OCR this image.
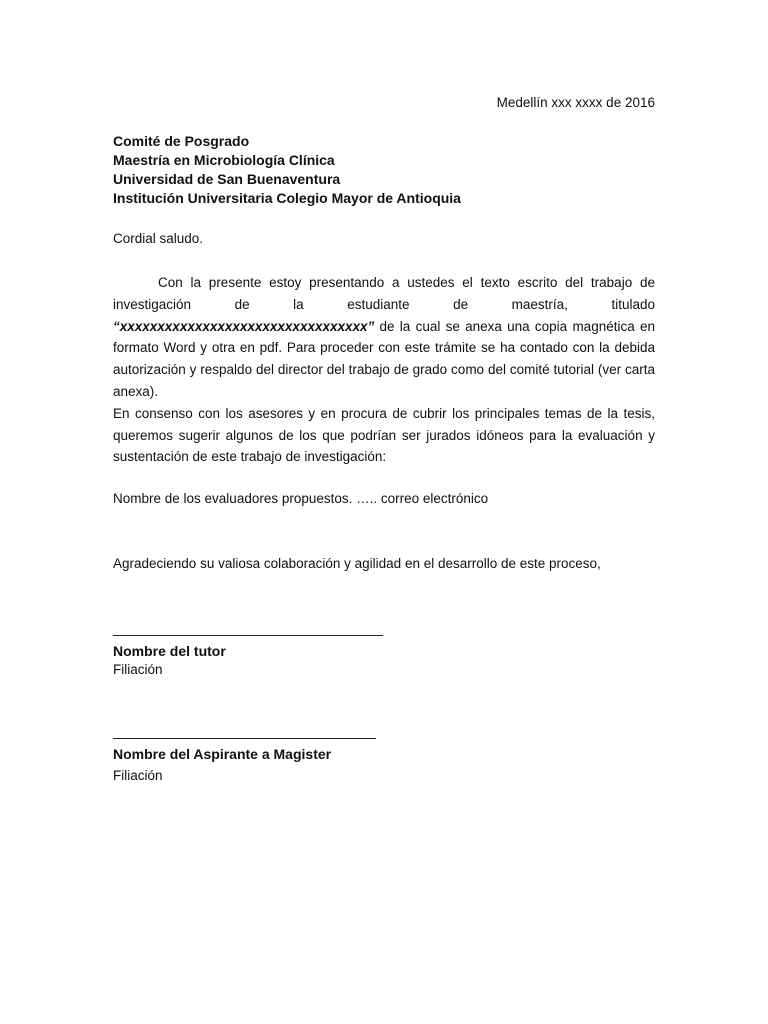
Medellín xxx xxxx de 2016
Comité de Posgrado
Maestría en Microbiología Clínica
Universidad de San Buenaventura
Institución Universitaria Colegio Mayor de Antioquia
Cordial saludo.

Con la presente estoy presentando a ustedes el texto escrito del trabajo de investigación de la estudiante de maestría, titulado “xxxxxxxxxxxxxxxxxxxxxxxxxxxxxxxxx” de la cual se anexa una copia magnética en formato Word y otra en pdf. Para proceder con este trámite se ha contado con la debida autorización y respaldo del director del trabajo de grado como del comité tutorial (ver carta anexa).

En consenso con los asesores y en procura de cubrir los principales temas de la tesis, queremos sugerir algunos de los que podrían ser jurados idóneos para la evaluación y sustentación de este trabajo de investigación:

Nombre de los evaluadores propuestos. ….. correo electrónico
Agradeciendo su valiosa colaboración y agilidad en el desarrollo de este proceso,
Nombre del tutor
Filiación
Nombre del Aspirante a Magister
Filiación
